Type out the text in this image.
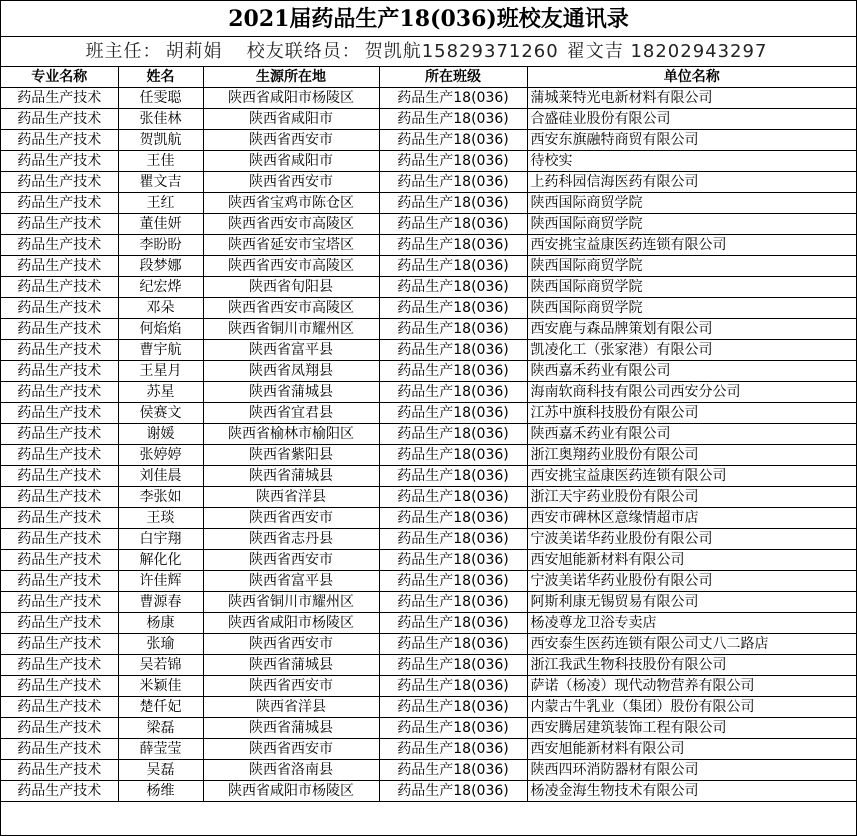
2021届药品生产18(036)班校友通讯录
班主任： 胡莉娟 校友联络员： 贺凯航15829371260 翟文吉 18202943297
专业名称	姓名	生源所在地	所在班级	单位名称
药品生产技术	任雯聪	陕西省咸阳市杨陵区	药品生产18(036)	蒲城莱特光电新材料有限公司
药品生产技术	张佳林	陕西省咸阳市	药品生产18(036)	合盛硅业股份有限公司
药品生产技术	贺凯航	陕西省西安市	药品生产18(036)	西安东旗融特商贸有限公司
药品生产技术	王佳	陕西省咸阳市	药品生产18(036)	待校实
药品生产技术	瞿文吉	陕西省西安市	药品生产18(036)	上药科园信海医药有限公司
药品生产技术	王红	陕西省宝鸡市陈仓区	药品生产18(036)	陕西国际商贸学院
药品生产技术	董佳妍	陕西省西安市高陵区	药品生产18(036)	陕西国际商贸学院
药品生产技术	李盼盼	陕西省延安市宝塔区	药品生产18(036)	西安挑宝益康医药连锁有限公司
药品生产技术	段梦娜	陕西省西安市高陵区	药品生产18(036)	陕西国际商贸学院
药品生产技术	纪宏烨	陕西省旬阳县	药品生产18(036)	陕西国际商贸学院
药品生产技术	邓朵	陕西省西安市高陵区	药品生产18(036)	陕西国际商贸学院
药品生产技术	何焰焰	陕西省铜川市耀州区	药品生产18(036)	西安鹿与森品牌策划有限公司
药品生产技术	曹宇航	陕西省富平县	药品生产18(036)	凯凌化工（张家港）有限公司
药品生产技术	王星月	陕西省凤翔县	药品生产18(036)	陕西嘉禾药业有限公司
药品生产技术	苏星	陕西省蒲城县	药品生产18(036)	海南软商科技有限公司西安分公司
药品生产技术	侯赛文	陕西省宜君县	药品生产18(036)	江苏中旗科技股份有限公司
药品生产技术	谢媛	陕西省榆林市榆阳区	药品生产18(036)	陕西嘉禾药业有限公司
药品生产技术	张婷婷	陕西省紫阳县	药品生产18(036)	浙江奥翔药业股份有限公司
药品生产技术	刘佳晨	陕西省蒲城县	药品生产18(036)	西安挑宝益康医药连锁有限公司
药品生产技术	李张如	陕西省洋县	药品生产18(036)	浙江天宇药业股份有限公司
药品生产技术	王琰	陕西省西安市	药品生产18(036)	西安市碑林区意缘情超市店
药品生产技术	白宇翔	陕西省志丹县	药品生产18(036)	宁波美诺华药业股份有限公司
药品生产技术	解化化	陕西省西安市	药品生产18(036)	西安旭能新材料有限公司
药品生产技术	许佳辉	陕西省富平县	药品生产18(036)	宁波美诺华药业股份有限公司
药品生产技术	曹源春	陕西省铜川市耀州区	药品生产18(036)	阿斯利康无锡贸易有限公司
药品生产技术	杨康	陕西省咸阳市杨陵区	药品生产18(036)	杨凌尊龙卫浴专卖店
药品生产技术	张瑜	陕西省西安市	药品生产18(036)	西安泰生医药连锁有限公司丈八二路店
药品生产技术	吴若锦	陕西省蒲城县	药品生产18(036)	浙江我武生物科技股份有限公司
药品生产技术	米颖佳	陕西省西安市	药品生产18(036)	萨诺（杨凌）现代动物营养有限公司
药品生产技术	楚仟妃	陕西省洋县	药品生产18(036)	内蒙古牛乳业（集团）股份有限公司
药品生产技术	梁磊	陕西省蒲城县	药品生产18(036)	西安腾居建筑装饰工程有限公司
药品生产技术	薛莹莹	陕西省西安市	药品生产18(036)	西安旭能新材料有限公司
药品生产技术	吴磊	陕西省洛南县	药品生产18(036)	陕西四环消防器材有限公司
药品生产技术	杨维	陕西省咸阳市杨陵区	药品生产18(036)	杨凌金海生物技术有限公司
